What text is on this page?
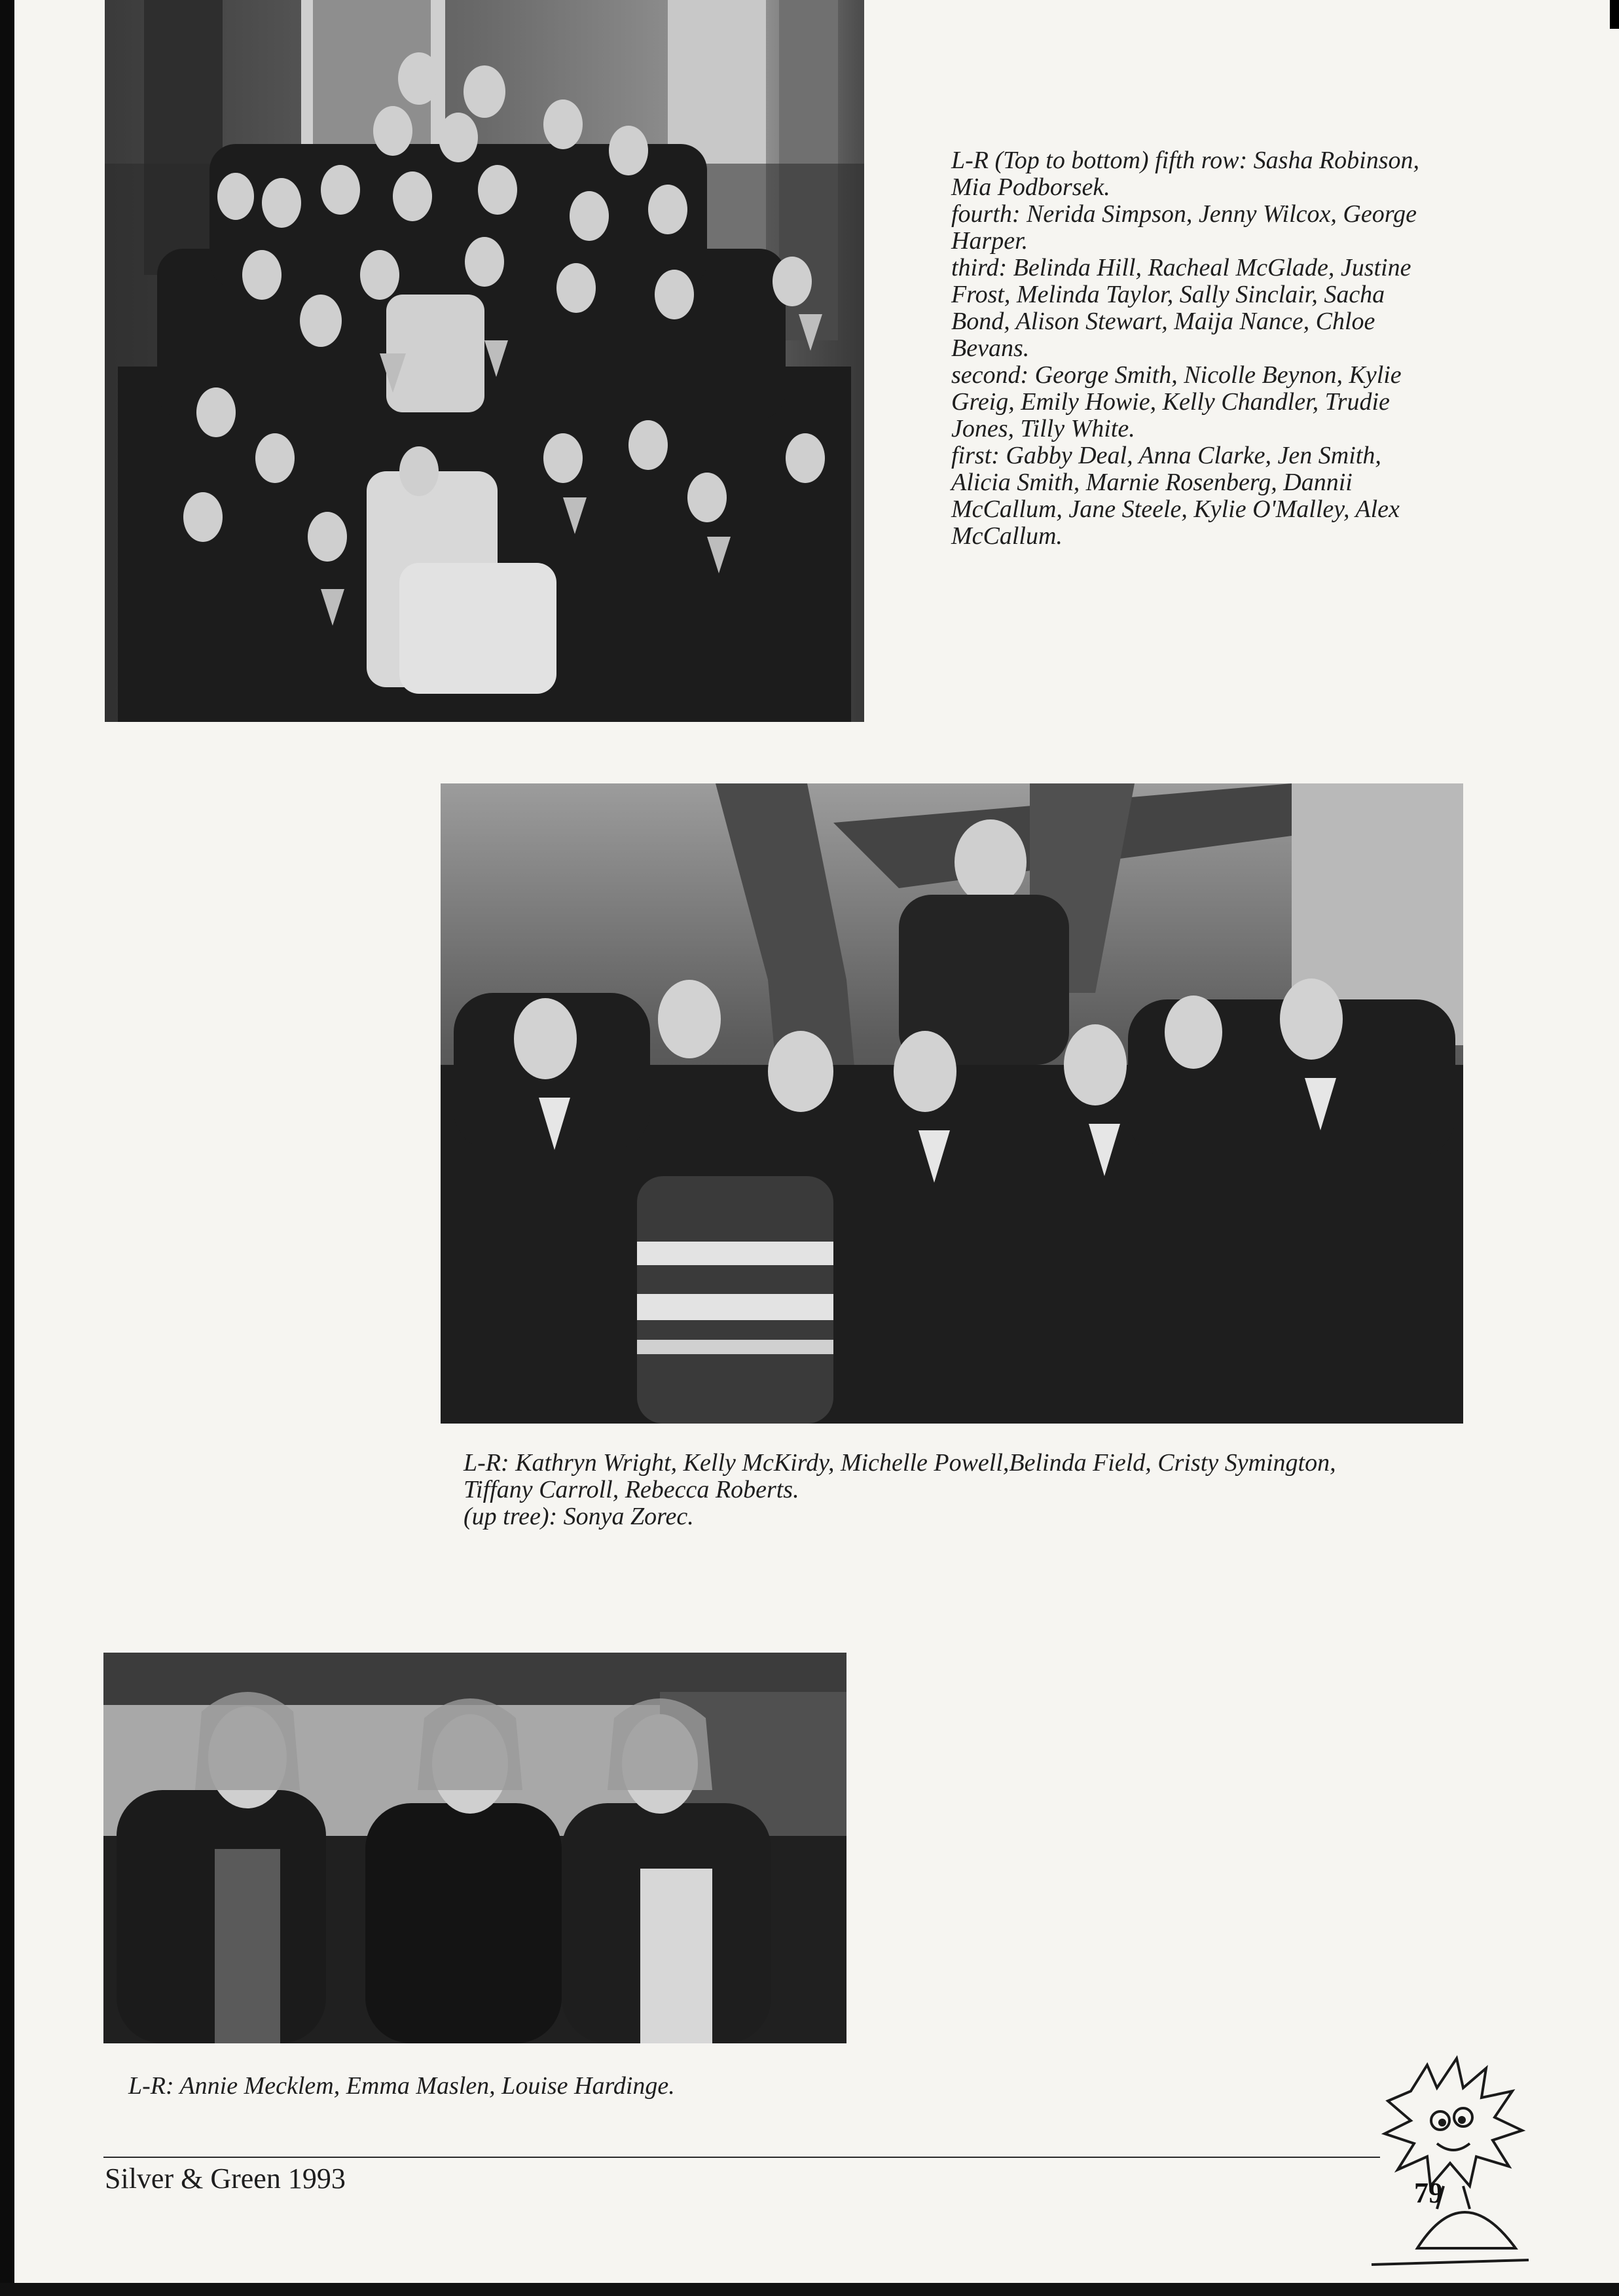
L-R (Top to bottom) fifth row: Sasha Robinson,
Mia Podborsek.
fourth: Nerida Simpson, Jenny Wilcox, George
Harper.
third: Belinda Hill, Racheal McGlade, Justine
Frost, Melinda Taylor, Sally Sinclair, Sacha
Bond, Alison Stewart, Maija Nance, Chloe
Bevans.
second: George Smith, Nicolle Beynon, Kylie
Greig, Emily Howie, Kelly Chandler, Trudie
Jones, Tilly White.
first: Gabby Deal, Anna Clarke, Jen Smith,
Alicia Smith, Marnie Rosenberg, Dannii
McCallum, Jane Steele, Kylie O'Malley, Alex
McCallum.
L-R: Kathryn Wright, Kelly McKirdy, Michelle Powell,Belinda Field, Cristy Symington,
Tiffany Carroll, Rebecca Roberts.
(up tree): Sonya Zorec.
L-R: Annie Mecklem, Emma Maslen, Louise Hardinge.
Silver & Green 1993	79
